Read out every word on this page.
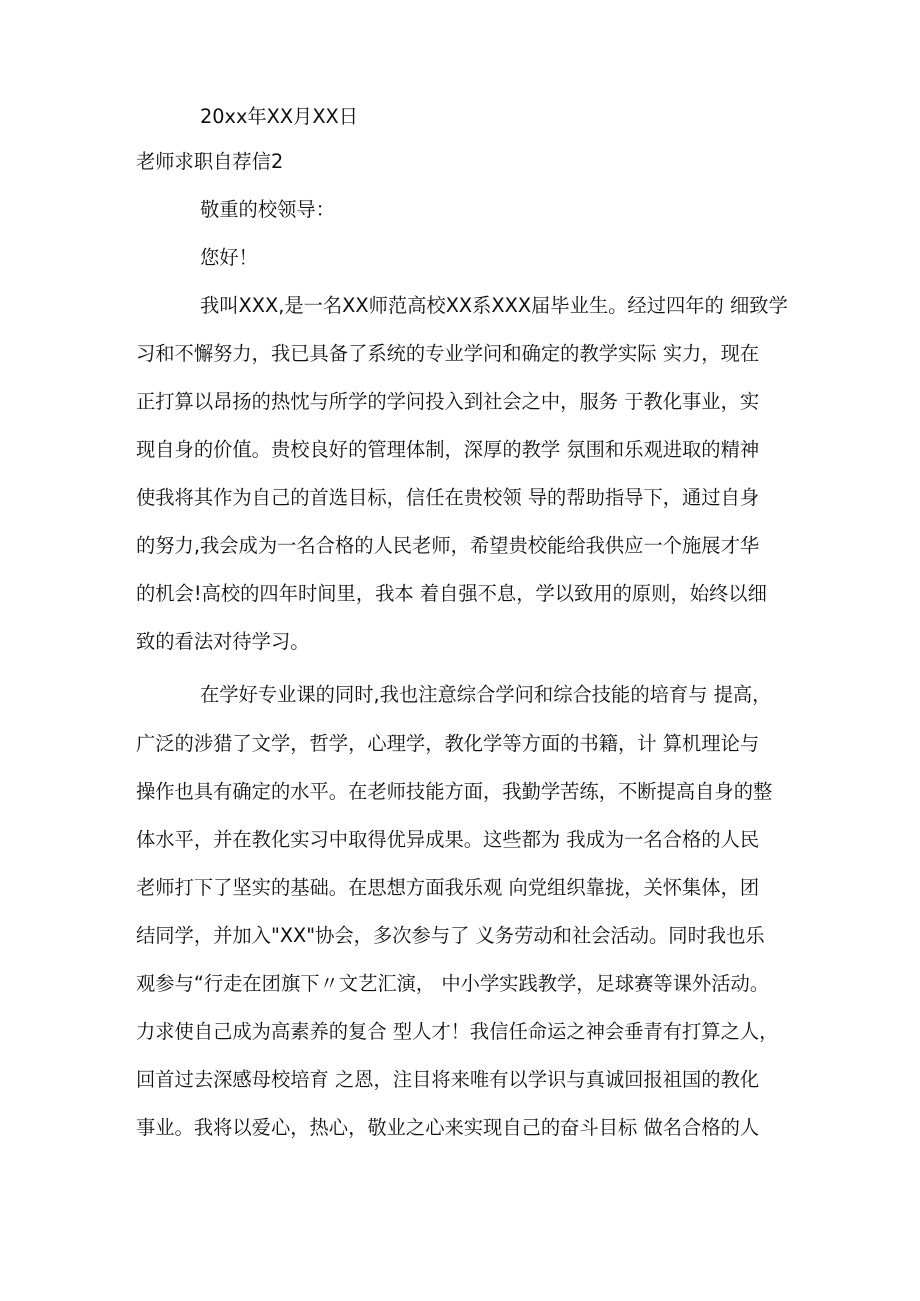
20xx年XX月XX日
老师求职自荐信2
敬重的校领导：
您好！
我叫XXX,是一名XX师范高校XX系XXX届毕业生。经过四年的 细致学
习和不懈努力，我已具备了系统的专业学问和确定的教学实际 实力，现在
正打算以昂扬的热忱与所学的学问投入到社会之中，服务 于教化事业，实
现自身的价值。贵校良好的管理体制，深厚的教学 氛围和乐观进取的精神
使我将其作为自己的首选目标，信任在贵校领 导的帮助指导下，通过自身
的努力,我会成为一名合格的人民老师，希望贵校能给我供应一个施展才华
的机会!高校的四年时间里，我本 着自强不息，学以致用的原则，始终以细
致的看法对待学习。
在学好专业课的同时,我也注意综合学问和综合技能的培育与 提高，
广泛的涉猎了文学，哲学，心理学，教化学等方面的书籍，计 算机理论与
操作也具有确定的水平。在老师技能方面，我勤学苦练，不断提高自身的整
体水平，并在教化实习中取得优异成果。这些都为 我成为一名合格的人民
老师打下了坚实的基础。在思想方面我乐观 向党组织靠拢，关怀集体，团
结同学，并加入"XX"协会，多次参与了 义务劳动和社会活动。同时我也乐
观参与“行走在团旗下〃文艺汇演， 中小学实践教学，足球赛等课外活动。
力求使自己成为高素养的复合 型人才！我信任命运之神会垂青有打算之人，
回首过去深感母校培育 之恩，注目将来唯有以学识与真诚回报祖国的教化
事业。我将以爱心，热心，敬业之心来实现自己的奋斗目标 做名合格的人
